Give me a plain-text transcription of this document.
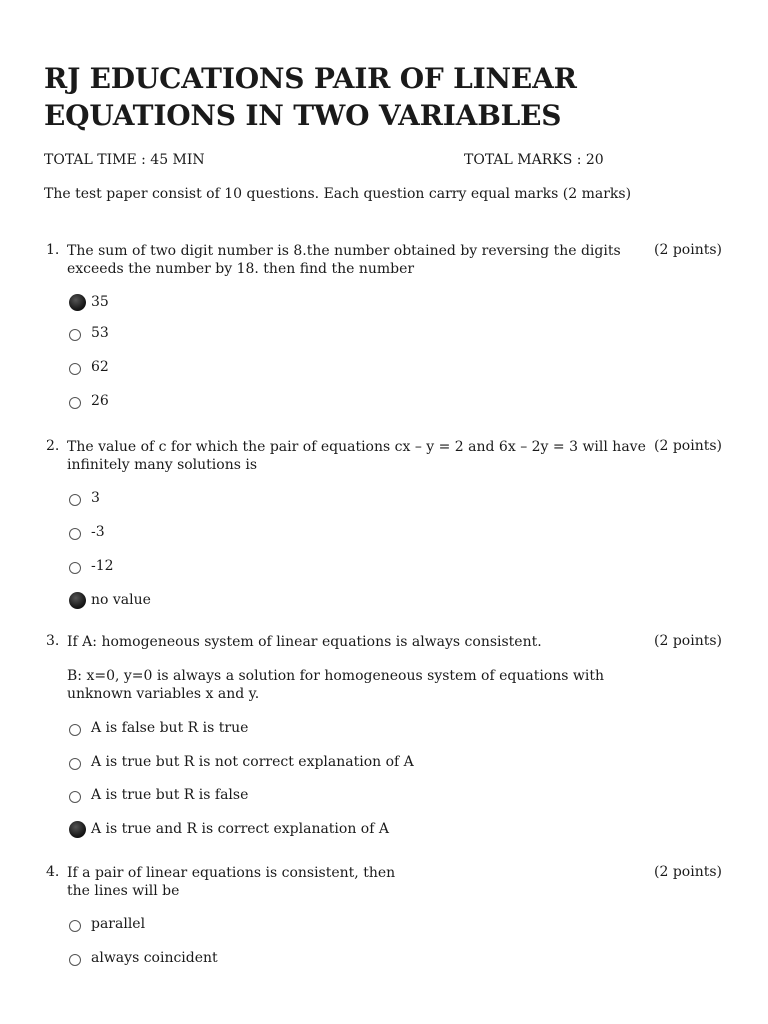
RJ EDUCATIONS PAIR OF LINEAR EQUATIONS IN TWO VARIABLES
TOTAL TIME : 45 MIN	TOTAL MARKS : 20
The test paper consist of 10 questions. Each question carry equal marks (2 marks)
1. The sum of two digit number is 8.the number obtained by reversing the digits exceeds the number by 18. then find the number
(2 points)
35
53
62
26
2. The value of c for which the pair of equations cx – y = 2 and 6x – 2y = 3 will have infinitely many solutions is
(2 points)
3
-3
-12
no value
3. If A: homogeneous system of linear equations is always consistent.	(2 points)
B: x=0, y=0 is always a solution for homogeneous system of equations with unknown variables x and y.
A is false but R is true
A is true but R is not correct explanation of A
A is true but R is false
A is true and R is correct explanation of A
4. If a pair of linear equations is consistent, then the lines will be
(2 points)
parallel
always coincident
